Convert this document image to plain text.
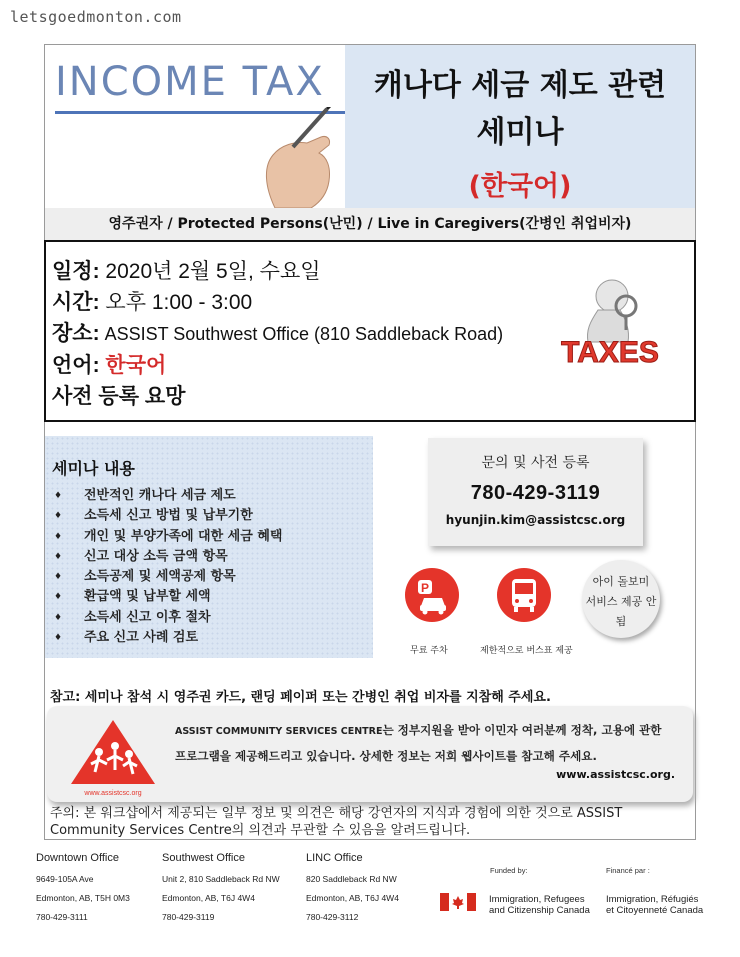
letsgoedmonton.com
INCOME TAX	캐나다 세금 제도 관련 세미나
(한국어)
영주권자 / Protected Persons(난민) / Live in Caregivers(간병인 취업비자)
일정: 2020년 2월 5일, 수요일
시간: 오후 1:00 - 3:00
장소: ASSIST Southwest Office (810 Saddleback Road)
언어: 한국어
사전 등록 요망
TAXES
세미나 내용
♦ 전반적인 캐나다 세금 제도
♦ 소득세 신고 방법 및 납부기한
♦ 개인 및 부양가족에 대한 세금 혜택
♦ 신고 대상 소득 금액 항목
♦ 소득공제 및 세액공제 항목
♦ 환급액 및 납부할 세액
♦ 소득세 신고 이후 절차
♦ 주요 신고 사례 검토
문의 및 사전 등록
780-429-3119
hyunjin.kim@assistcsc.org
P
무료 주차	제한적으로 버스표 제공
아이 돌보미
서비스 제공 안됨
참고: 세미나 참석 시 영주권 카드, 랜딩 페이퍼 또는 간병인 취업 비자를 지참해 주세요.
www.assistcsc.org
ASSIST COMMUNITY SERVICES CENTRE는 정부지원을 받아 이민자 여러분께 정착, 고용에 관한
프로그램을 제공해드리고 있습니다. 상세한 정보는 저희 웹사이트를 참고해 주세요.
www.assistcsc.org.
주의: 본 워크샵에서 제공되는 일부 정보 및 의견은 해당 강연자의 지식과 경험에 의한 것으로 ASSIST Community Services Centre의 의견과 무관할 수 있음을 알려드립니다.
Downtown Office
9649-105A Ave
Edmonton, AB, T5H 0M3
780-429-3111
Southwest Office
Unit 2, 810 Saddleback Rd NW
Edmonton, AB, T6J 4W4
780-429-3119
LINC Office
820 Saddleback Rd NW
Edmonton, AB, T6J 4W4
780-429-3112
Funded by:	Financé par :
Immigration, Refugees
and Citizenship Canada
Immigration, Réfugiés
et Citoyenneté Canada
